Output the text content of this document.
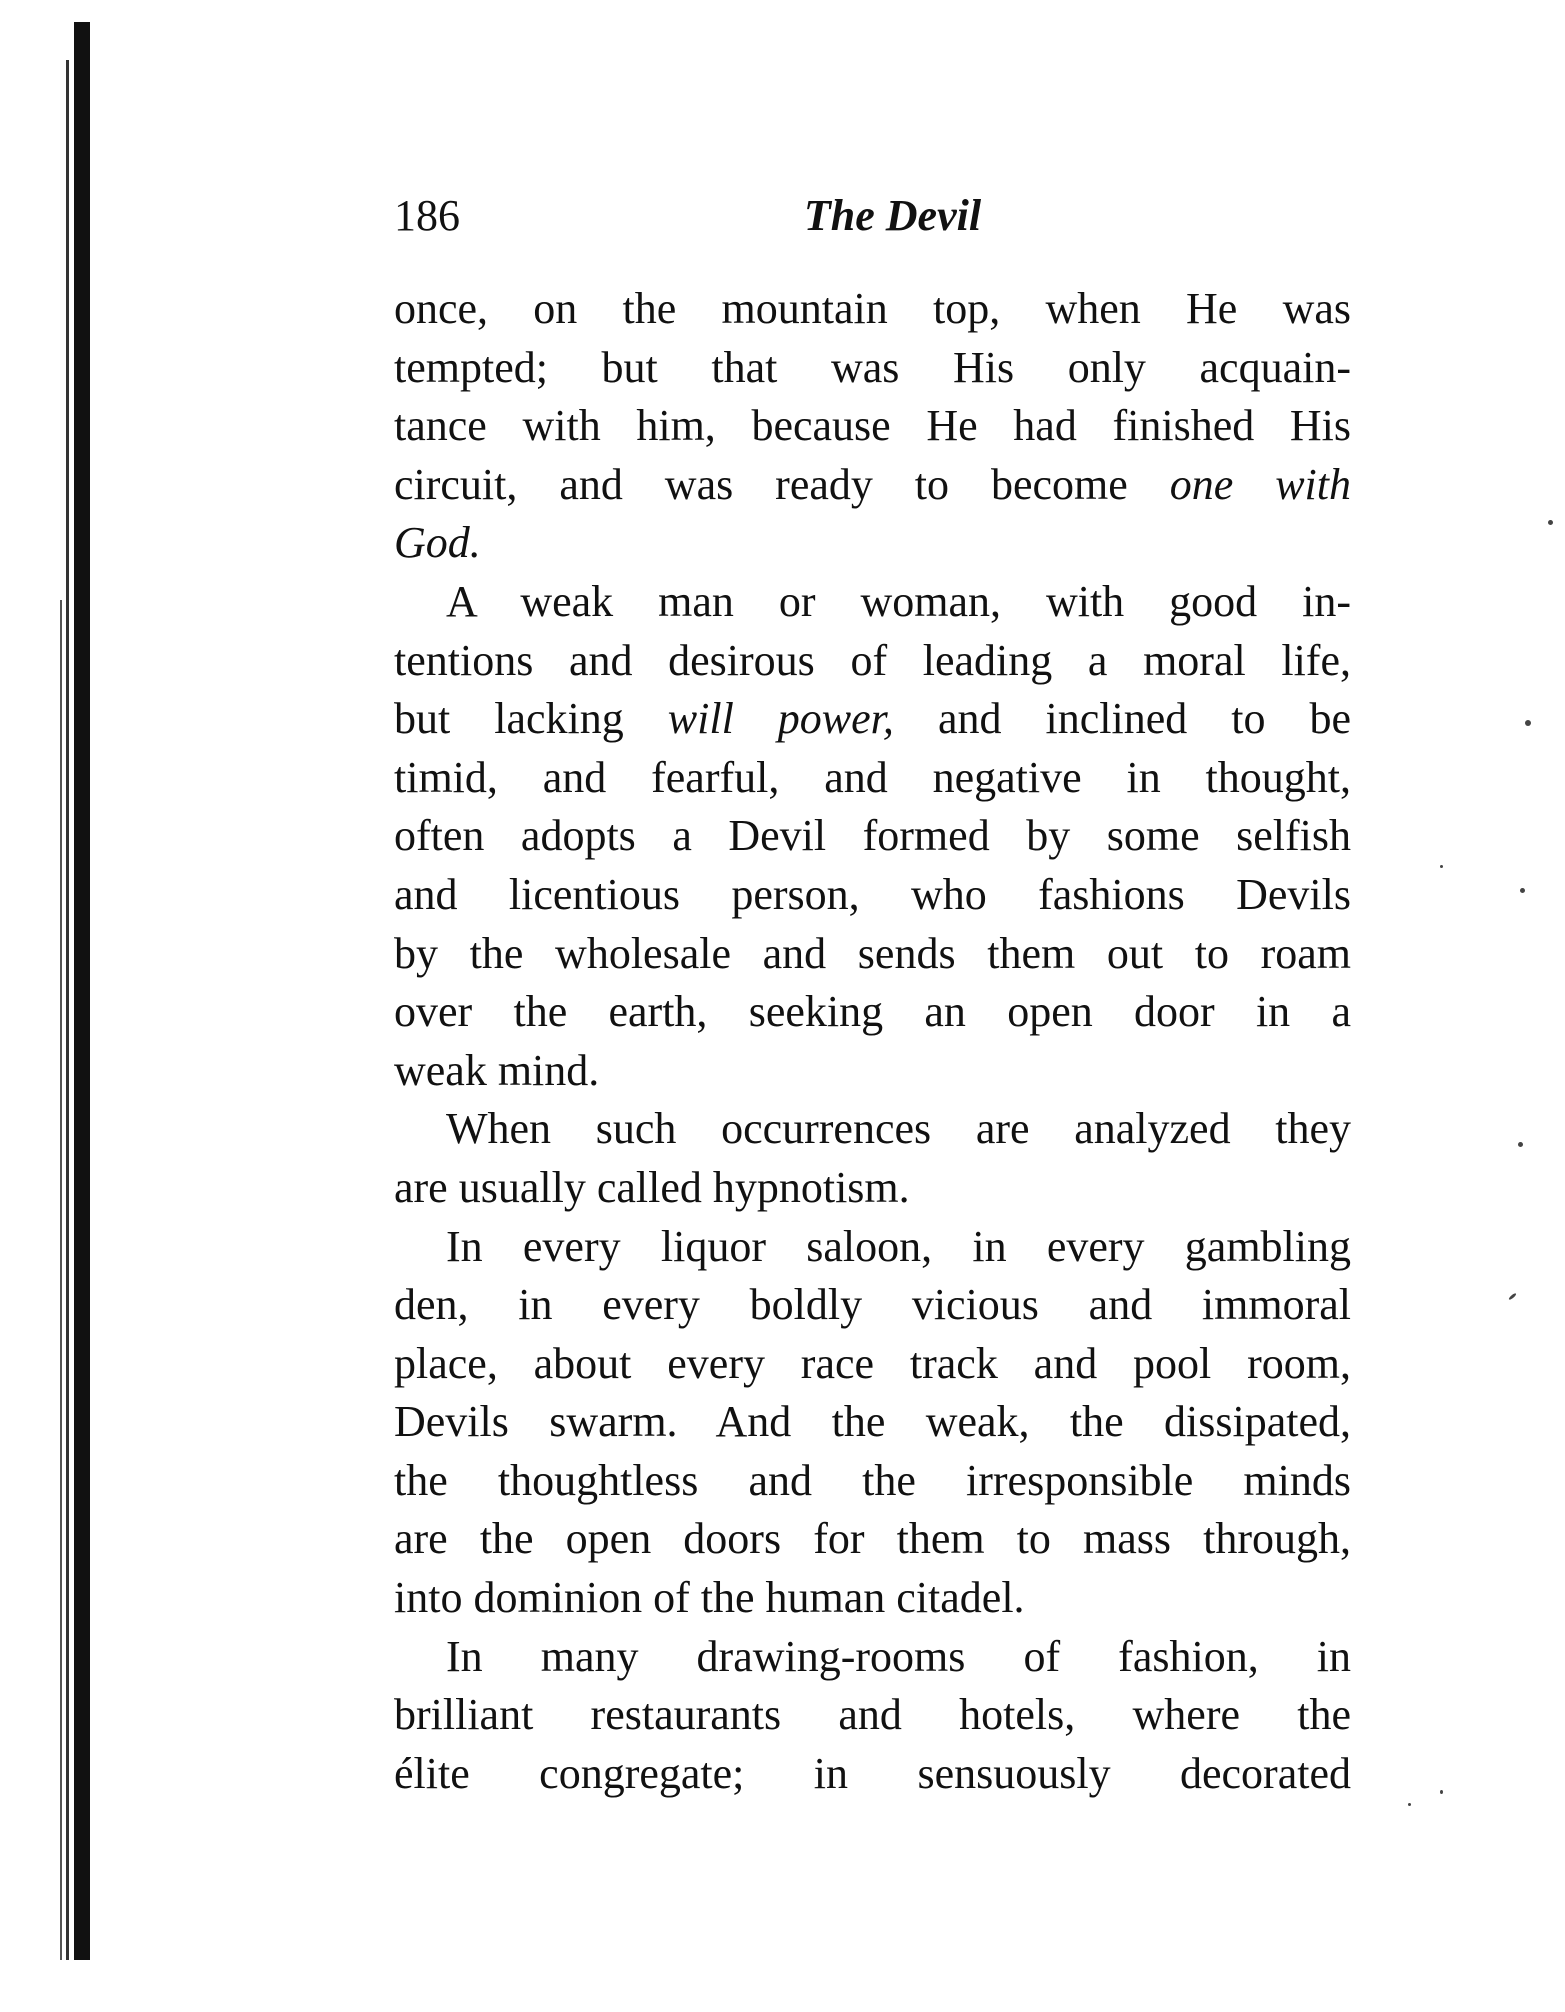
186	The Devil
once, on the mountain top, when He was
tempted; but that was His only acquain-
tance with him, because He had finished His
circuit, and was ready to become one with
God.
A weak man or woman, with good in-
tentions and desirous of leading a moral life,
but lacking will power, and inclined to be
timid, and fearful, and negative in thought,
often adopts a Devil formed by some selfish
and licentious person, who fashions Devils
by the wholesale and sends them out to roam
over the earth, seeking an open door in a
weak mind.
When such occurrences are analyzed they
are usually called hypnotism.
In every liquor saloon, in every gambling
den, in every boldly vicious and immoral
place, about every race track and pool room,
Devils swarm. And the weak, the dissipated,
the thoughtless and the irresponsible minds
are the open doors for them to mass through,
into dominion of the human citadel.
In many drawing-rooms of fashion, in
brilliant restaurants and hotels, where the
élite congregate; in sensuously decorated
